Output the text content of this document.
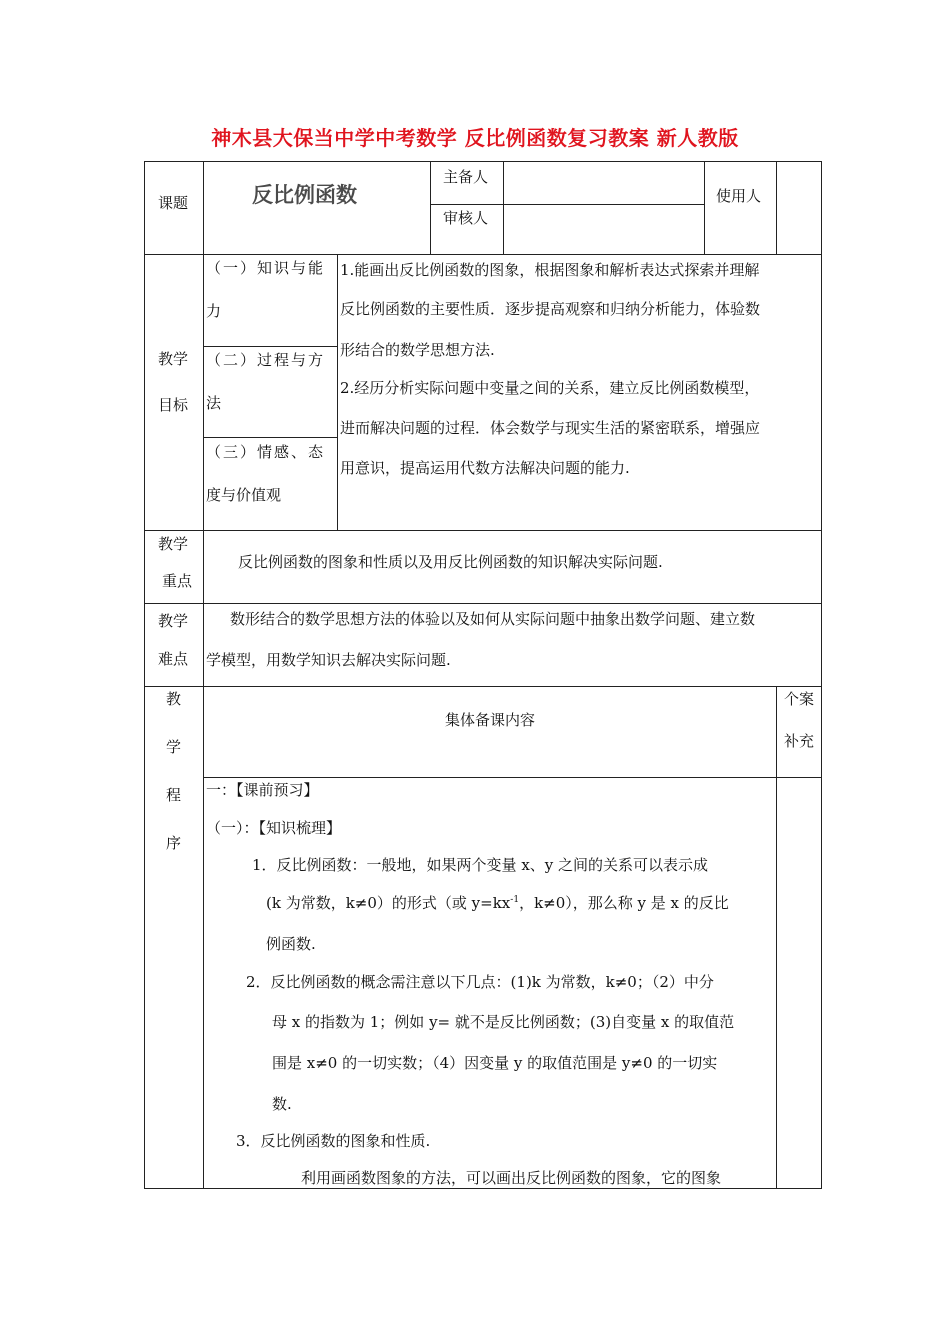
神木县大保当中学中考数学 反比例函数复习教案 新人教版
课题	反比例函数
主备人
审核人
使用人
教学
目标
（一）知识与能
力
（二）过程与方
法
（三）情感、态
度与价值观
1.能画出反比例函数的图象，根据图象和解析表达式探索并理解
反比例函数的主要性质．逐步提高观察和归纳分析能力，体验数
形结合的数学思想方法.
2.经历分析实际问题中变量之间的关系，建立反比例函数模型，
进而解决问题的过程．体会数学与现实生活的紧密联系，增强应
用意识，提高运用代数方法解决问题的能力.
教学
重点
反比例函数的图象和性质以及用反比例函数的知识解决实际问题.
教学
难点
数形结合的数学思想方法的体验以及如何从实际问题中抽象出数学问题、建立数
学模型，用数学知识去解决实际问题.
教
学
程
序
集体备课内容
个案
补充
一：【课前预习】
（一）：【知识梳理】
1．反比例函数：一般地，如果两个变量 x、y 之间的关系可以表示成
(k 为常数，k≠0）的形式（或 $y=kx^{-1}$，k≠0），那么称 y 是 x 的反比
例函数.
2．反比例函数的概念需注意以下几点：(1)k 为常数，k≠0；（2）中分
母 x 的指数为 1；例如 y= 就不是反比例函数；(3)自变量 x 的取值范
围是 x≠0 的一切实数；（4）因变量 y 的取值范围是 y≠0 的一切实
数.
3．反比例函数的图象和性质.
利用画函数图象的方法，可以画出反比例函数的图象，它的图象
